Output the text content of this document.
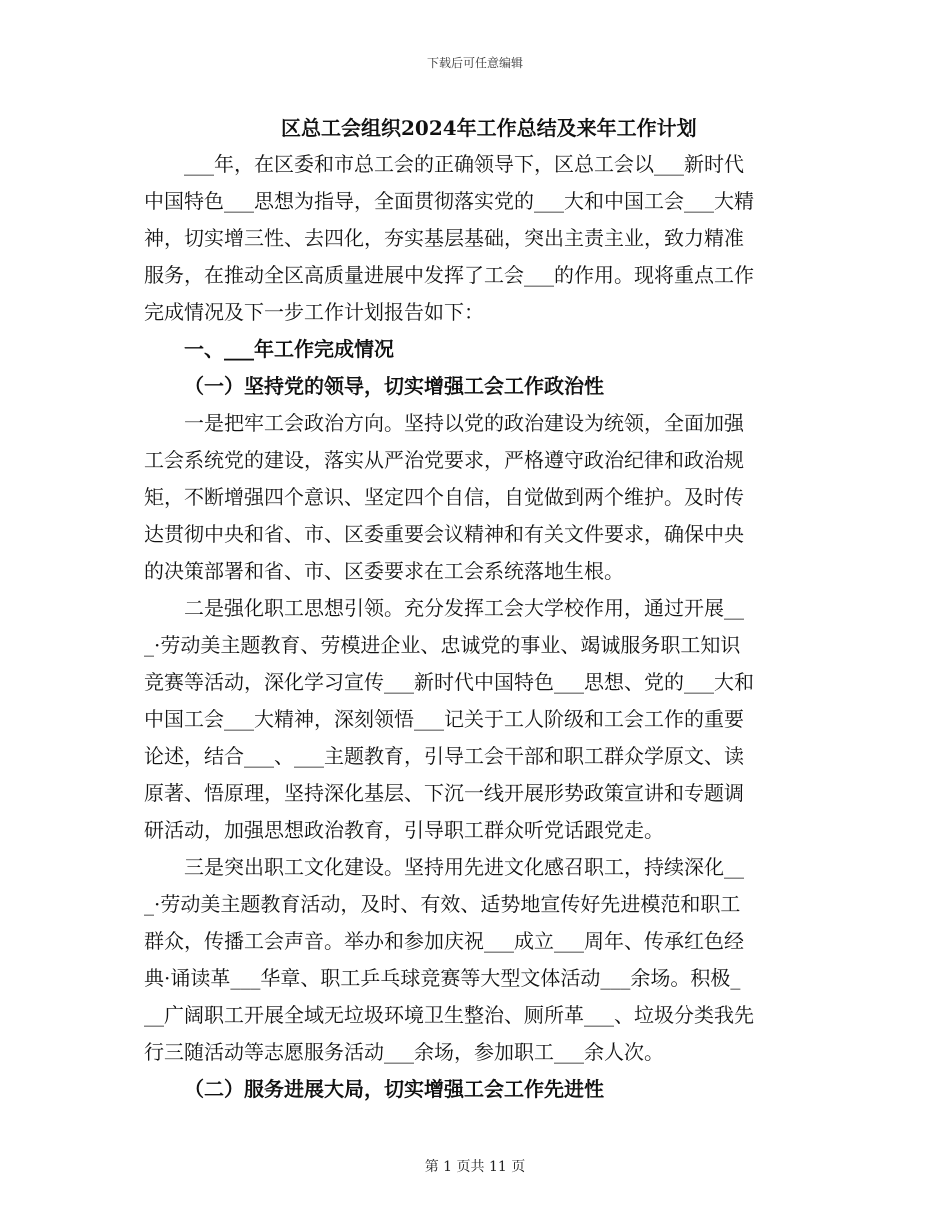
下载后可任意编辑
区总工会组织2024年工作总结及来年工作计划
___年，在区委和市总工会的正确领导下，区总工会以___新时代
中国特色___思想为指导，全面贯彻落实党的___大和中国工会___大精
神，切实增三性、去四化，夯实基层基础，突出主责主业，致力精准
服务，在推动全区高质量进展中发挥了工会___的作用。现将重点工作
完成情况及下一步工作计划报告如下：
一、___年工作完成情况
（一）坚持党的领导，切实增强工会工作政治性
一是把牢工会政治方向。坚持以党的政治建设为统领，全面加强
工会系统党的建设，落实从严治党要求，严格遵守政治纪律和政治规
矩，不断增强四个意识、坚定四个自信，自觉做到两个维护。及时传
达贯彻中央和省、市、区委重要会议精神和有关文件要求，确保中央
的决策部署和省、市、区委要求在工会系统落地生根。
二是强化职工思想引领。充分发挥工会大学校作用，通过开展__
_·劳动美主题教育、劳模进企业、忠诚党的事业、竭诚服务职工知识
竞赛等活动，深化学习宣传___新时代中国特色___思想、党的___大和
中国工会___大精神，深刻领悟___记关于工人阶级和工会工作的重要
论述，结合___、___主题教育，引导工会干部和职工群众学原文、读
原著、悟原理，坚持深化基层、下沉一线开展形势政策宣讲和专题调
研活动，加强思想政治教育，引导职工群众听党话跟党走。
三是突出职工文化建设。坚持用先进文化感召职工，持续深化__
_·劳动美主题教育活动，及时、有效、适势地宣传好先进模范和职工
群众，传播工会声音。举办和参加庆祝___成立___周年、传承红色经
典·诵读革___华章、职工乒乓球竞赛等大型文体活动___余场。积极_
__广阔职工开展全域无垃圾环境卫生整治、厕所革___、垃圾分类我先
行三随活动等志愿服务活动___余场，参加职工___余人次。
（二）服务进展大局，切实增强工会工作先进性
第 1 页共 11 页
